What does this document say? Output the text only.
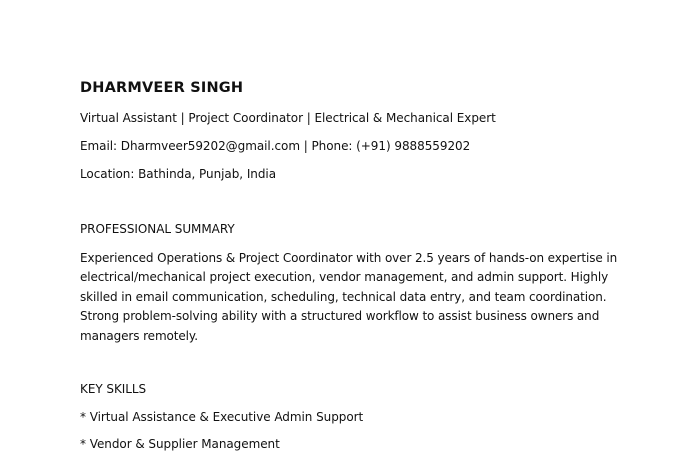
DHARMVEER SINGH
Virtual Assistant | Project Coordinator | Electrical & Mechanical Expert
Email: Dharmveer59202@gmail.com | Phone: (+91) 9888559202
Location: Bathinda, Punjab, India
PROFESSIONAL SUMMARY
Experienced Operations & Project Coordinator with over 2.5 years of hands-on expertise in
electrical/mechanical project execution, vendor management, and admin support. Highly
skilled in email communication, scheduling, technical data entry, and team coordination.
Strong problem-solving ability with a structured workflow to assist business owners and
managers remotely.
KEY SKILLS
* Virtual Assistance & Executive Admin Support
* Vendor & Supplier Management
